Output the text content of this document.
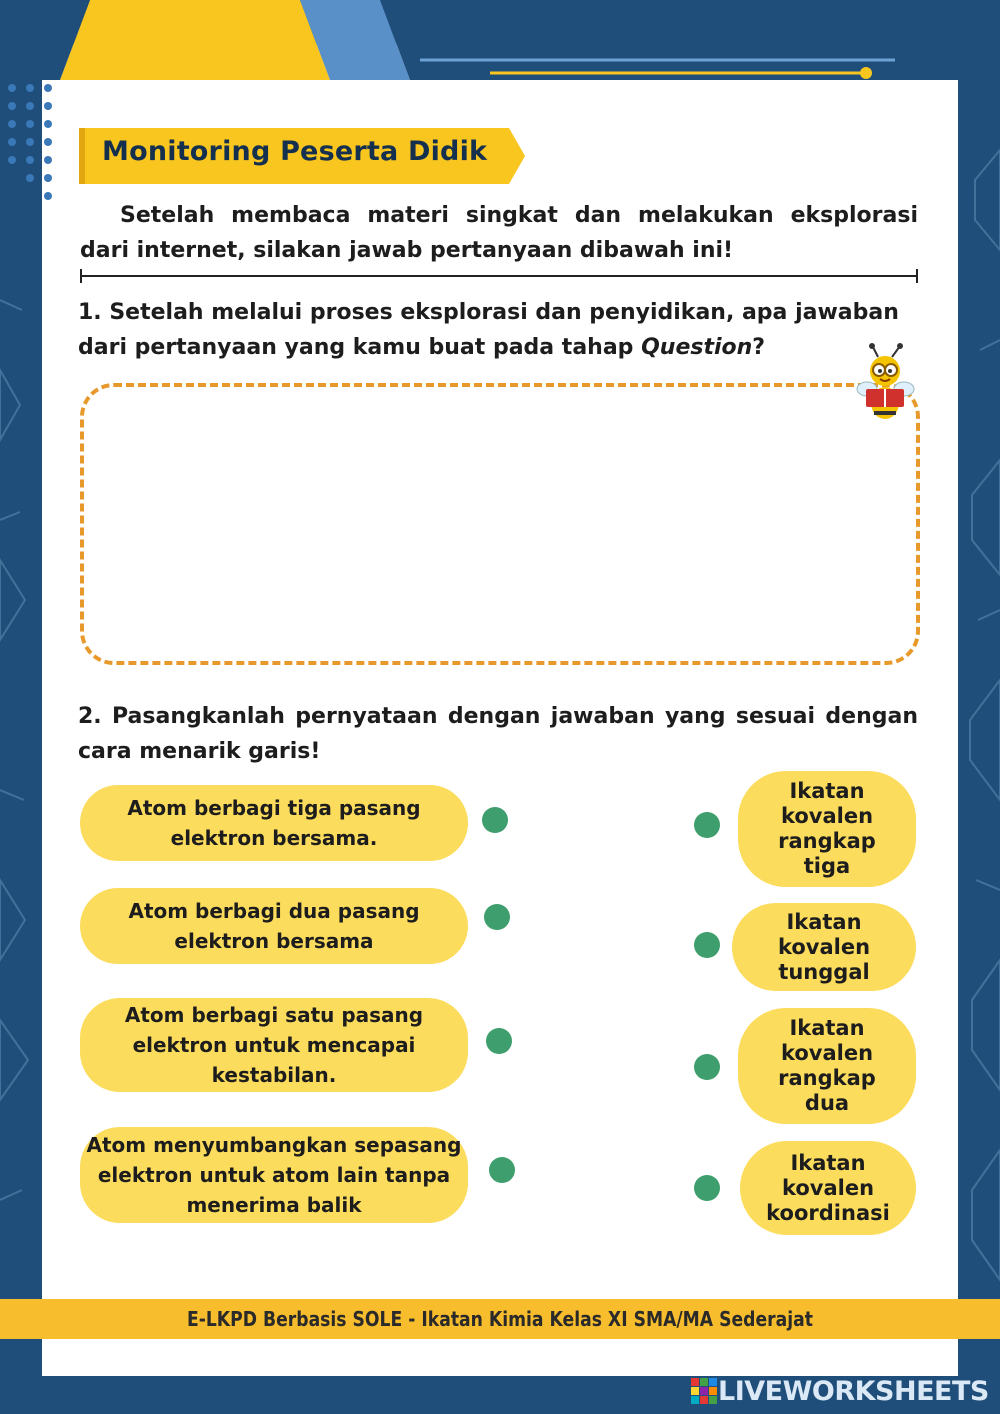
Monitoring Peserta Didik
Setelah membaca materi singkat dan melakukan eksplorasi dari internet, silakan jawab pertanyaan dibawah ini!
1. Setelah melalui proses eksplorasi dan penyidikan, apa jawaban dari pertanyaan yang kamu buat pada tahap Question?
2. Pasangkanlah pernyataan dengan jawaban yang sesuai dengan cara menarik garis!
Atom berbagi tiga pasang elektron bersama.
Atom berbagi dua pasang elektron bersama
Atom berbagi satu pasang elektron untuk mencapai kestabilan.
Atom menyumbangkan sepasang elektron untuk atom lain tanpa menerima balik
Ikatan kovalen rangkap tiga
Ikatan kovalen tunggal
Ikatan kovalen rangkap dua
Ikatan kovalen koordinasi
E-LKPD Berbasis SOLE - Ikatan Kimia Kelas XI SMA/MA Sederajat
LIVEWORKSHEETS
